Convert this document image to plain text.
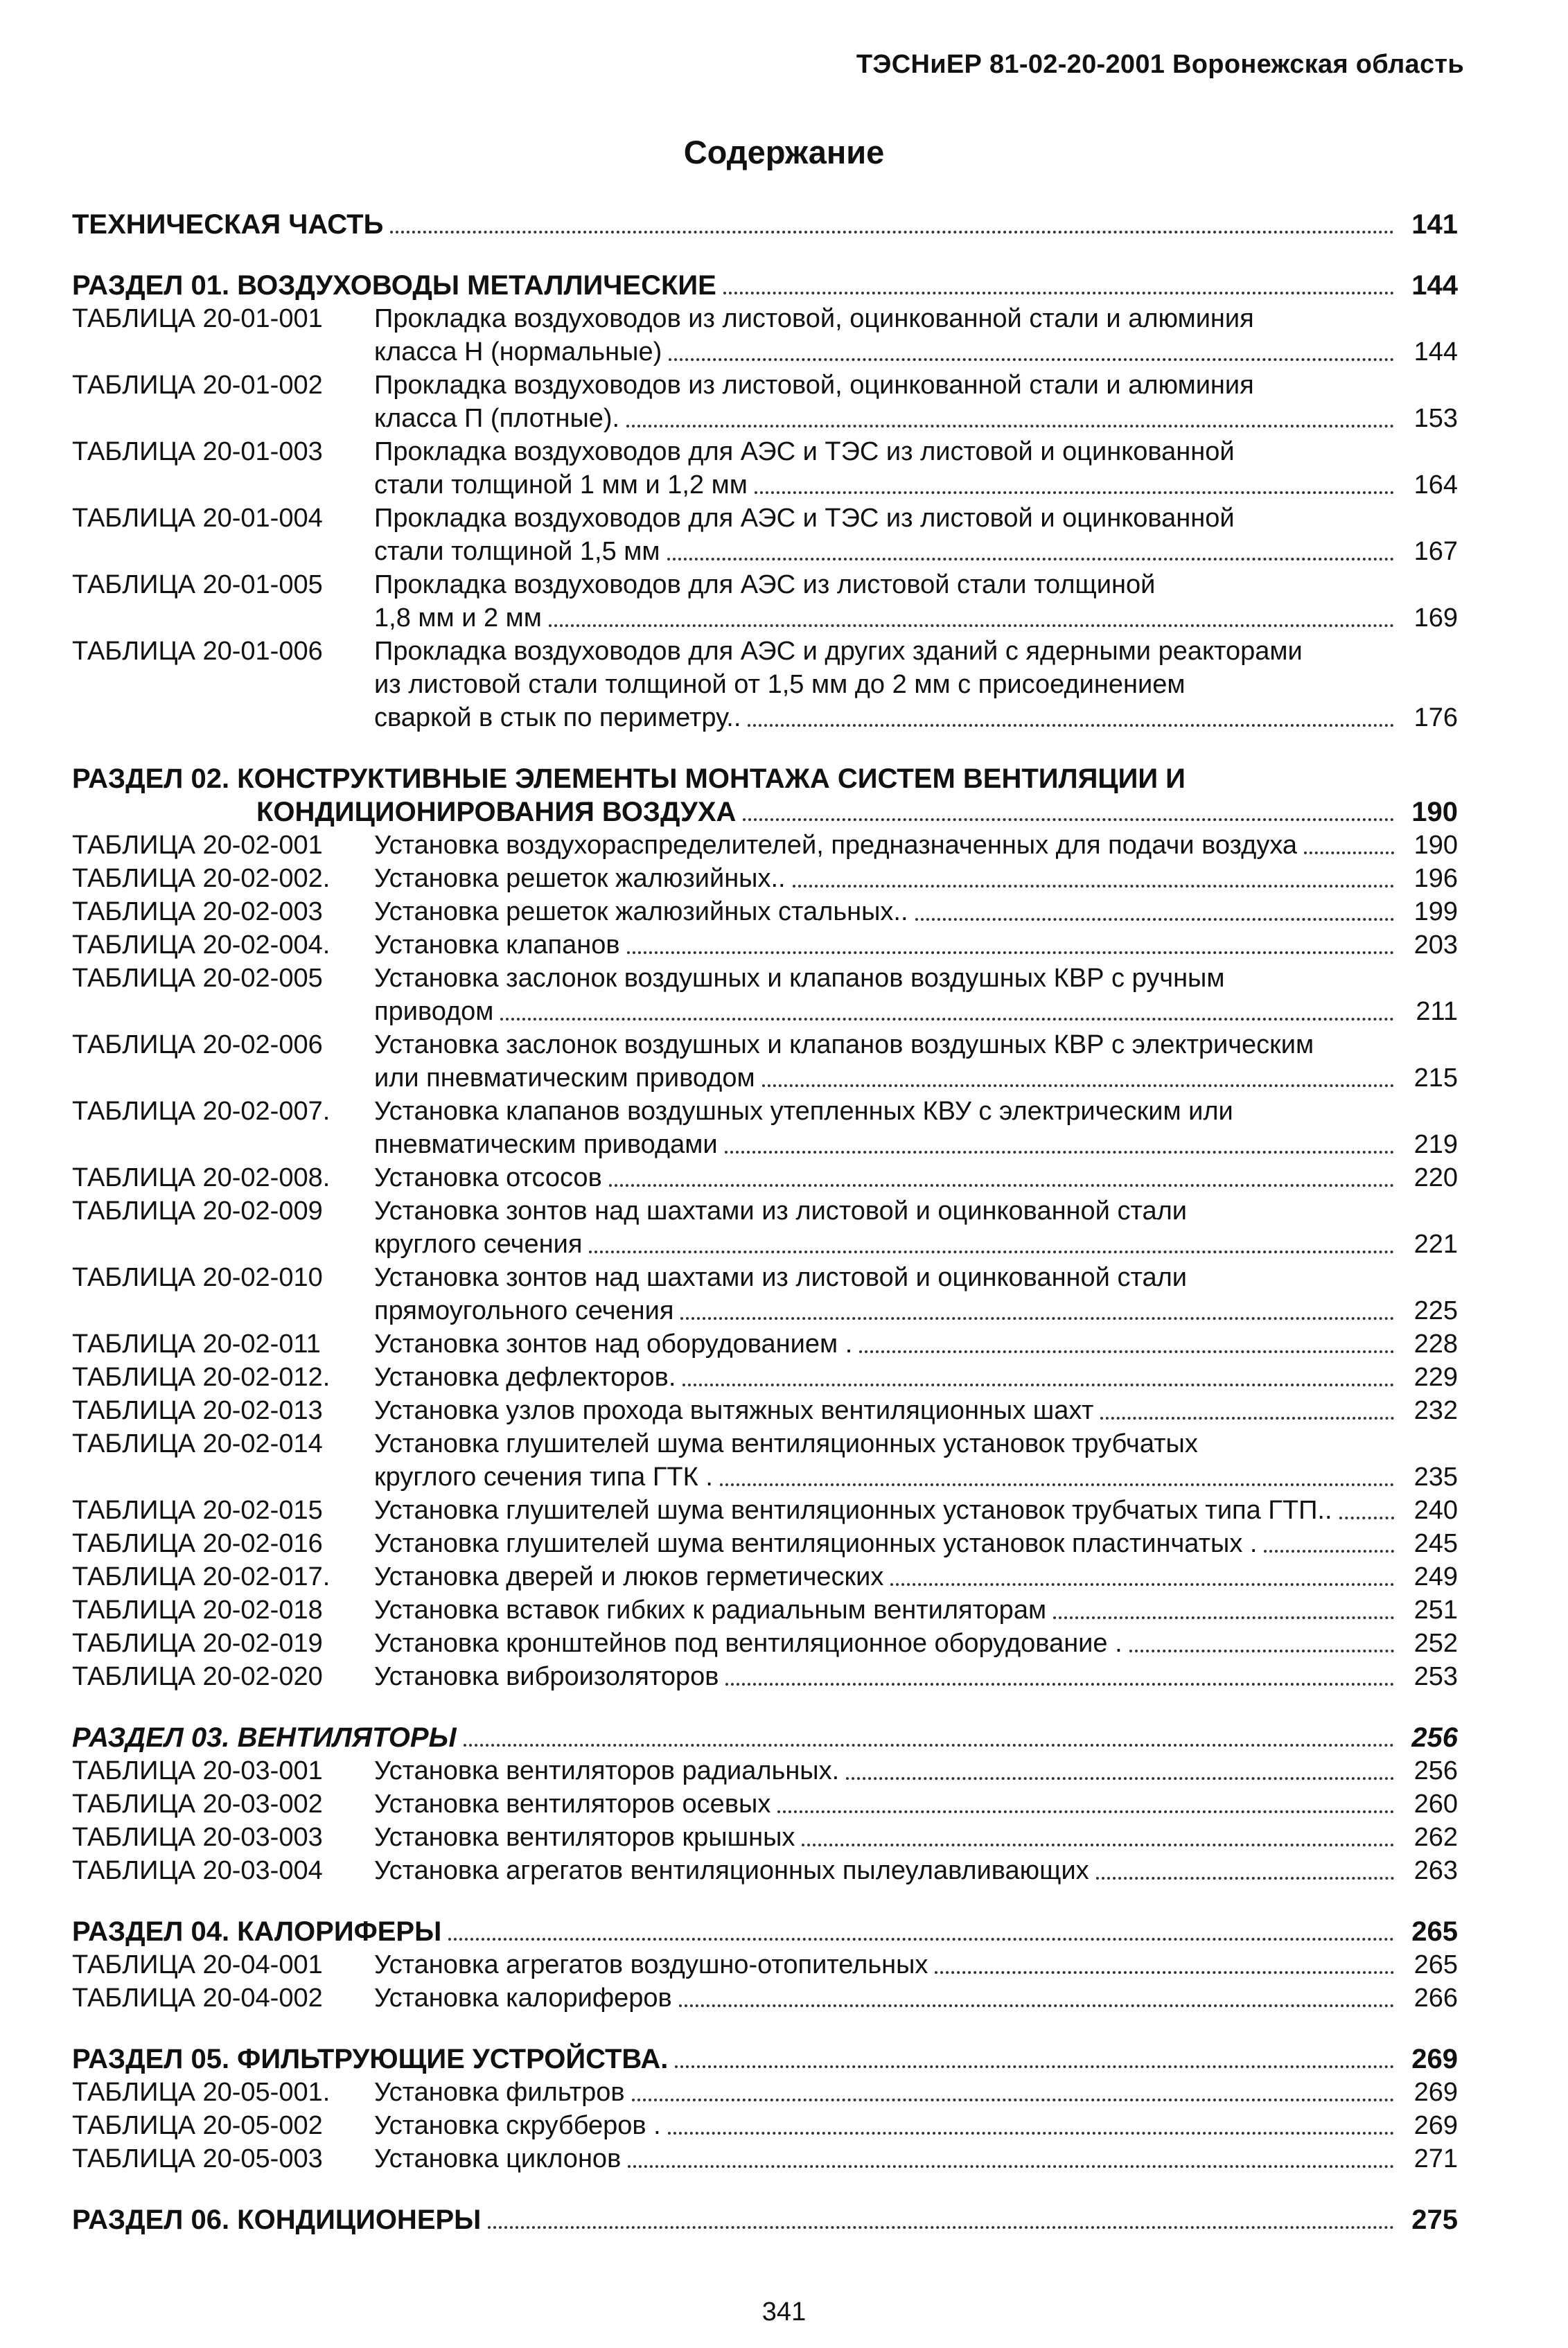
ТЭСНиЕР 81-02-20-2001 Воронежская область
Содержание
ТЕХНИЧЕСКАЯ ЧАСТЬ	141
РАЗДЕЛ 01. ВОЗДУХОВОДЫ МЕТАЛЛИЧЕСКИЕ	144
ТАБЛИЦА 20-01-001	Прокладка воздуховодов из листовой, оцинкованной стали и алюминия
класса Н (нормальные)	144
ТАБЛИЦА 20-01-002	Прокладка воздуховодов из листовой, оцинкованной стали и алюминия
класса П (плотные).	153
ТАБЛИЦА 20-01-003	Прокладка воздуховодов для АЭС и ТЭС из листовой и оцинкованной
стали толщиной 1 мм и 1,2 мм	164
ТАБЛИЦА 20-01-004	Прокладка воздуховодов для АЭС и ТЭС из листовой и оцинкованной
стали толщиной 1,5 мм	167
ТАБЛИЦА 20-01-005	Прокладка воздуховодов для АЭС из листовой стали толщиной
1,8 мм и 2 мм	169
ТАБЛИЦА 20-01-006	Прокладка воздуховодов для АЭС и других зданий с ядерными реакторами
из листовой стали толщиной от 1,5 мм до 2 мм с присоединением
сваркой в стык по периметру..	176
РАЗДЕЛ 02. КОНСТРУКТИВНЫЕ ЭЛЕМЕНТЫ МОНТАЖА СИСТЕМ ВЕНТИЛЯЦИИ И
КОНДИЦИОНИРОВАНИЯ ВОЗДУХА	190
ТАБЛИЦА 20-02-001	Установка воздухораспределителей, предназначенных для подачи воздуха	190
ТАБЛИЦА 20-02-002.	Установка решеток жалюзийных..	196
ТАБЛИЦА 20-02-003	Установка решеток жалюзийных стальных..	199
ТАБЛИЦА 20-02-004.	Установка клапанов	203
ТАБЛИЦА 20-02-005	Установка заслонок воздушных и клапанов воздушных КВР с ручным
приводом	211
ТАБЛИЦА 20-02-006	Установка заслонок воздушных и клапанов воздушных КВР с электрическим
или пневматическим приводом	215
ТАБЛИЦА 20-02-007.	Установка клапанов воздушных утепленных КВУ с электрическим или
пневматическим приводами	219
ТАБЛИЦА 20-02-008.	Установка отсосов	220
ТАБЛИЦА 20-02-009	Установка зонтов над шахтами из листовой и оцинкованной стали
круглого сечения	221
ТАБЛИЦА 20-02-010	Установка зонтов над шахтами из листовой и оцинкованной стали
прямоугольного сечения	225
ТАБЛИЦА 20-02-011	Установка зонтов над оборудованием .	228
ТАБЛИЦА 20-02-012.	Установка дефлекторов.	229
ТАБЛИЦА 20-02-013	Установка узлов прохода вытяжных вентиляционных шахт	232
ТАБЛИЦА 20-02-014	Установка глушителей шума вентиляционных установок трубчатых
круглого сечения типа ГТК .	235
ТАБЛИЦА 20-02-015	Установка глушителей шума вентиляционных установок трубчатых типа ГТП..	240
ТАБЛИЦА 20-02-016	Установка глушителей шума вентиляционных установок пластинчатых .	245
ТАБЛИЦА 20-02-017.	Установка дверей и люков герметических	249
ТАБЛИЦА 20-02-018	Установка вставок гибких к радиальным вентиляторам	251
ТАБЛИЦА 20-02-019	Установка кронштейнов под вентиляционное оборудование .	252
ТАБЛИЦА 20-02-020	Установка виброизоляторов	253
РАЗДЕЛ 03. ВЕНТИЛЯТОРЫ	256
ТАБЛИЦА 20-03-001	Установка вентиляторов радиальных.	256
ТАБЛИЦА 20-03-002	Установка вентиляторов осевых	260
ТАБЛИЦА 20-03-003	Установка вентиляторов крышных	262
ТАБЛИЦА 20-03-004	Установка агрегатов вентиляционных пылеулавливающих	263
РАЗДЕЛ 04. КАЛОРИФЕРЫ	265
ТАБЛИЦА 20-04-001	Установка агрегатов воздушно-отопительных	265
ТАБЛИЦА 20-04-002	Установка калориферов	266
РАЗДЕЛ 05. ФИЛЬТРУЮЩИЕ УСТРОЙСТВА.	269
ТАБЛИЦА 20-05-001.	Установка фильтров	269
ТАБЛИЦА 20-05-002	Установка скрубберов .	269
ТАБЛИЦА 20-05-003	Установка циклонов	271
РАЗДЕЛ 06. КОНДИЦИОНЕРЫ	275
341
